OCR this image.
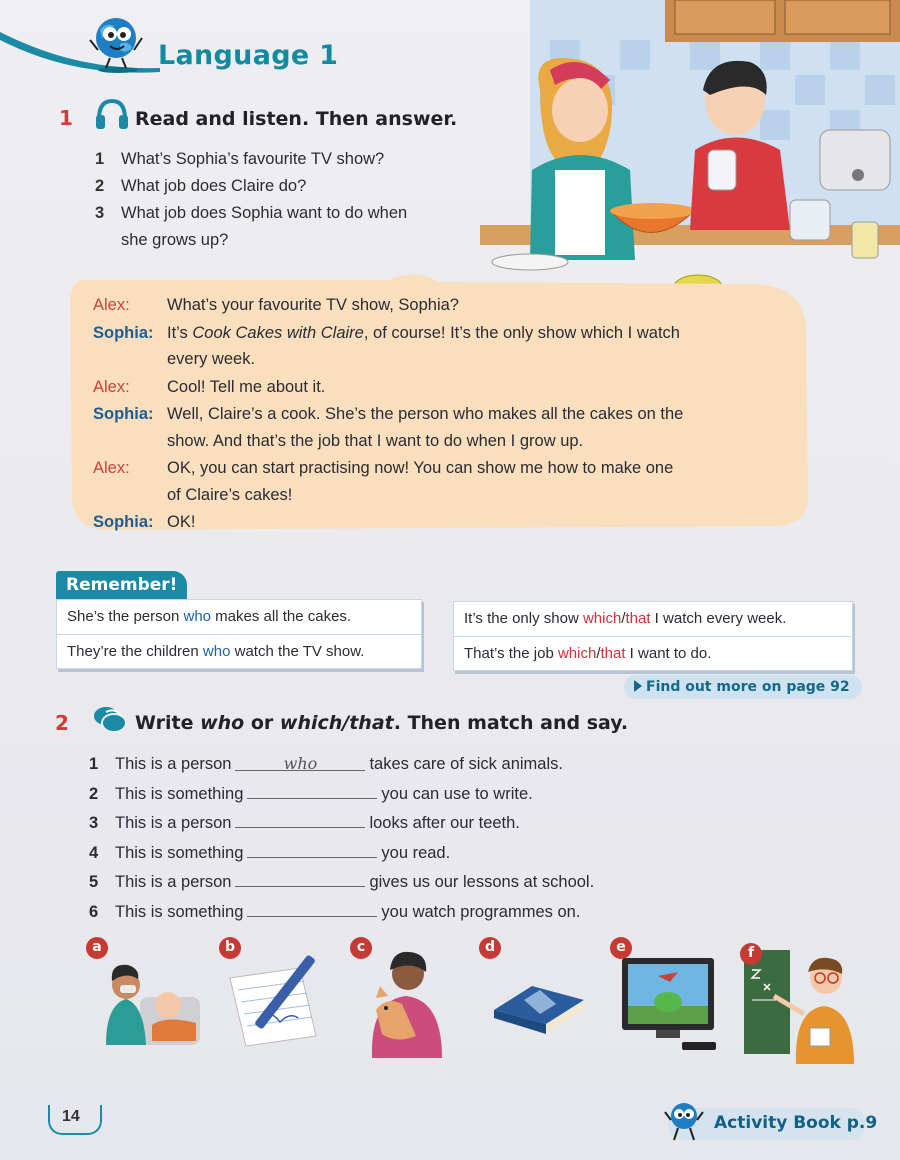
Language 1
1	Read and listen. Then answer.
1	What’s Sophia’s favourite TV show?
2	What job does Claire do?
3	What job does Sophia want to do when
she grows up?
Alex:	What’s your favourite TV show, Sophia?
Sophia: It’s Cook Cakes with Claire, of course! It’s the only show which I watch
every week.
Alex:	Cool! Tell me about it.
Sophia: Well, Claire’s a cook. She’s the person who makes all the cakes on the
show. And that’s the job that I want to do when I grow up.
Alex:	OK, you can start practising now! You can show me how to make one
of Claire’s cakes!
Sophia: OK!
Remember!
She’s the person who makes all the cakes.
They’re the children who watch the TV show.
It’s the only show which/that I watch every week.
That’s the job which/that I want to do.
Find out more on page 92
2	Write who or which/that. Then match and say.
1	This is a person	who	takes care of sick animals.
2	This is something	you can use to write.
3	This is a person	looks after our teeth.
4	This is something	you read.
5	This is a person	gives us our lessons at school.
6	This is something	you watch programmes on.
a	b	c	d	e	f
14	Activity Book p.9
